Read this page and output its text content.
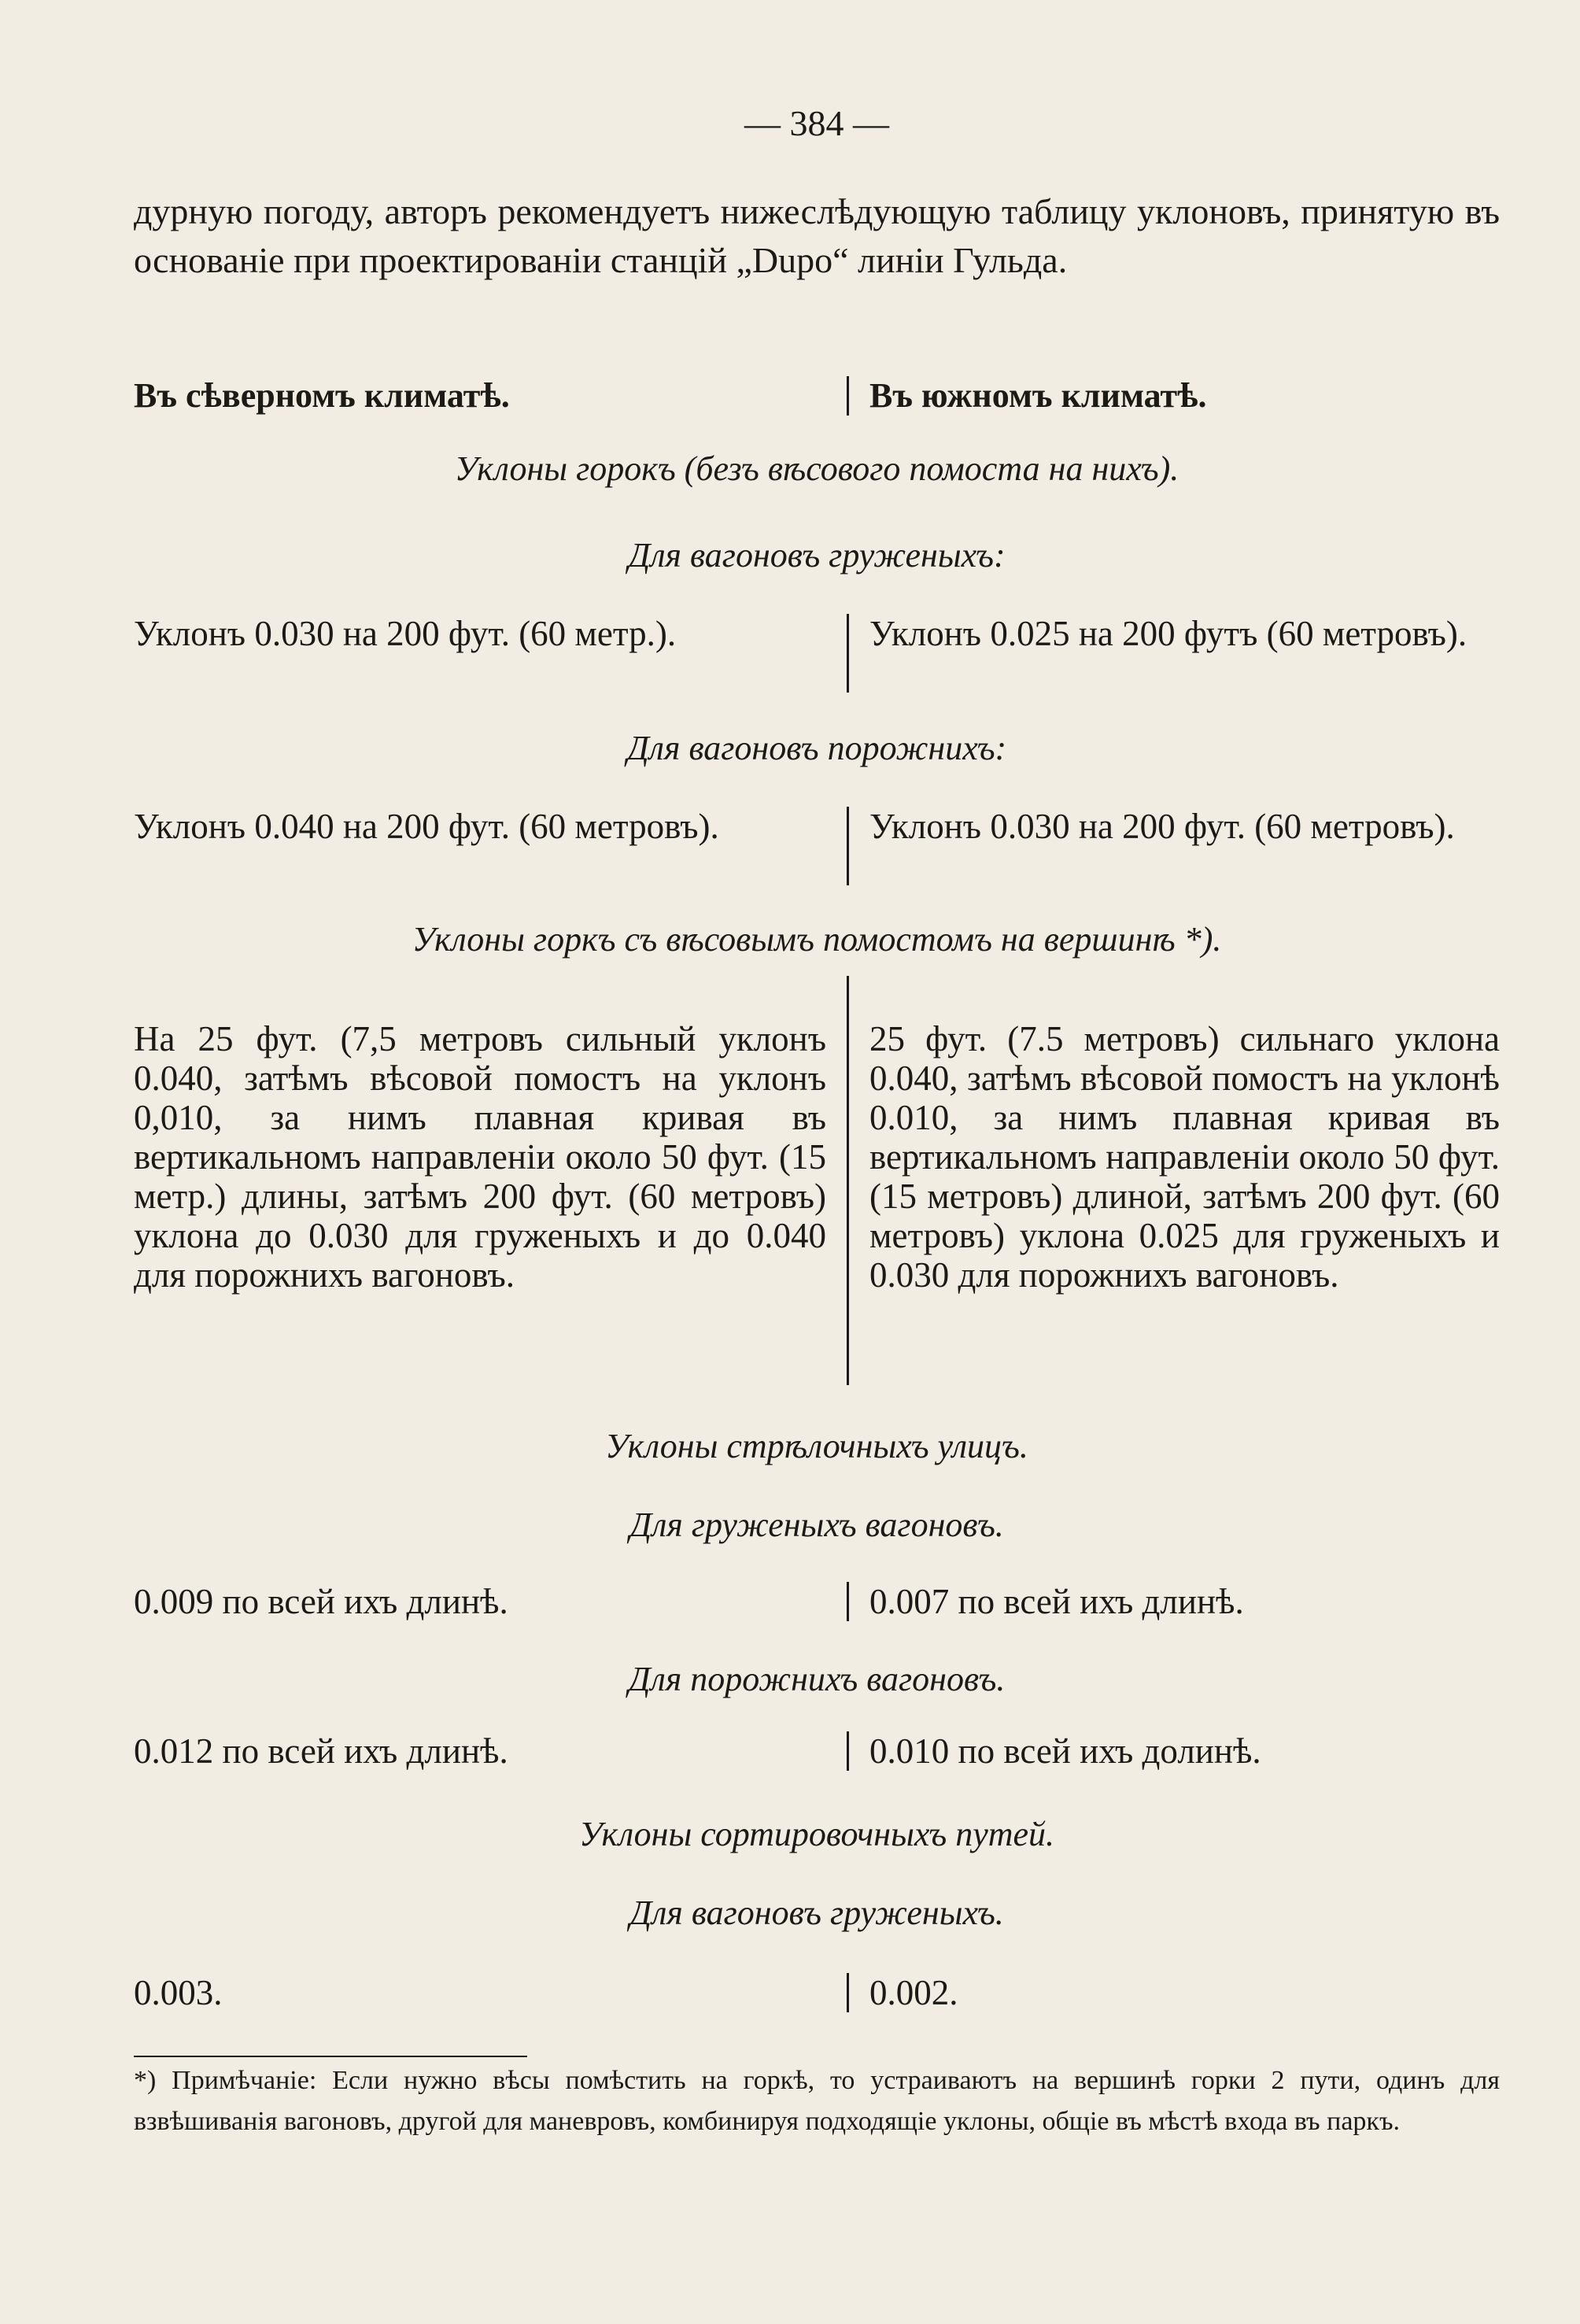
— 384 —
дурную погоду, авторъ рекомендуетъ нижеслѣдующую таблицу уклоновъ, принятую въ основаніе при проектированіи станцій „Dupo“ линіи Гульда.
Въ сѣверномъ климатѣ.	Въ южномъ климатѣ.
Уклоны горокъ (безъ вѣсового помоста на нихъ).
Для вагоновъ груженыхъ:
Уклонъ 0.030 на 200 фут. (60 метр.).	Уклонъ 0.025 на 200 футъ (60 метровъ).
Для вагоновъ порожнихъ:
Уклонъ 0.040 на 200 фут. (60 метровъ).	Уклонъ 0.030 на 200 фут. (60 метровъ).
Уклоны горкъ съ вѣсовымъ помостомъ на вершинѣ *).
На 25 фут. (7,5 метровъ сильный уклонъ 0.040, затѣмъ вѣсовой помостъ на уклонъ 0,010, за нимъ плавная кривая въ вертикальномъ направленіи около 50 фут. (15 метр.) длины, затѣмъ 200 фут. (60 метровъ) уклона до 0.030 для груженыхъ и до 0.040 для порожнихъ вагоновъ.
25 фут. (7.5 метровъ) сильнаго уклона 0.040, затѣмъ вѣсовой помостъ на уклонѣ 0.010, за нимъ плавная кривая въ вертикальномъ направленіи около 50 фут. (15 метровъ) длиной, затѣмъ 200 фут. (60 метровъ) уклона 0.025 для груженыхъ и 0.030 для порожнихъ вагоновъ.
Уклоны стрѣлочныхъ улицъ.
Для груженыхъ вагоновъ.
0.009 по всей ихъ длинѣ.	0.007 по всей ихъ длинѣ.
Для порожнихъ вагоновъ.
0.012 по всей ихъ длинѣ.	0.010 по всей ихъ долинѣ.
Уклоны сортировочныхъ путей.
Для вагоновъ груженыхъ.
0.003.	0.002.
*) Примѣчаніе: Если нужно вѣсы помѣстить на горкѣ, то устраиваютъ на вершинѣ горки 2 пути, одинъ для взвѣшиванія вагоновъ, другой для маневровъ, комбинируя подходящіе уклоны, общіе въ мѣстѣ входа въ паркъ.
